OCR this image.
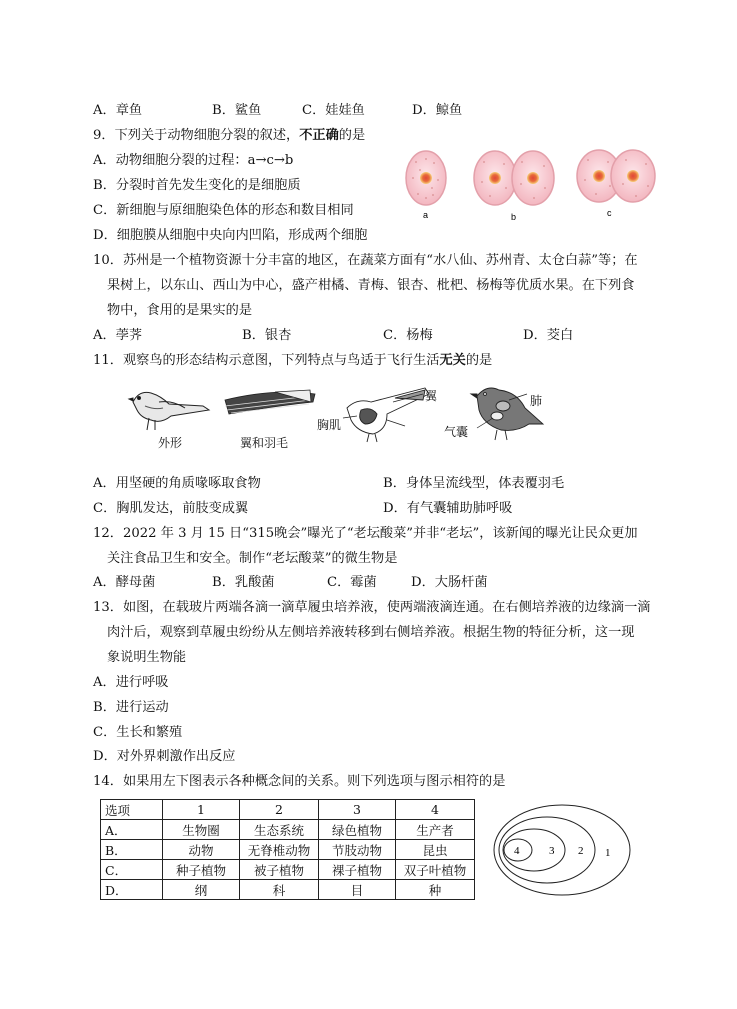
A．章鱼	B．鲨鱼	C．娃娃鱼	D．鲸鱼
9．下列关于动物细胞分裂的叙述，不正确的是
A．动物细胞分裂的过程：a→c→b
B．分裂时首先发生变化的是细胞质
C．新细胞与原细胞染色体的形态和数目相同
D．细胞膜从细胞中央向内凹陷，形成两个细胞
a	b	c
10．苏州是一个植物资源十分丰富的地区，在蔬菜方面有“水八仙、苏州青、太仓白蒜”等；在
果树上，以东山、西山为中心，盛产柑橘、青梅、银杏、枇杷、杨梅等优质水果。在下列食
物中，食用的是果实的是
A．荸荠	B．银杏	C．杨梅	D．茭白
11．观察鸟的形态结构示意图，下列特点与鸟适于飞行生活无关的是
外形	翼和羽毛
胸肌
翼	肺
气囊
A．用坚硬的角质喙啄取食物	B．身体呈流线型，体表覆羽毛
C．胸肌发达，前肢变成翼	D．有气囊辅助肺呼吸
12．2022 年 3 月 15 日“315晚会”曝光了“老坛酸菜”并非“老坛”，该新闻的曝光让民众更加
关注食品卫生和安全。制作“老坛酸菜”的微生物是
A．酵母菌	B．乳酸菌	C．霉菌	D．大肠杆菌
13．如图，在载玻片两端各滴一滴草履虫培养液，使两端液滴连通。在右侧培养液的边缘滴一滴
肉汁后，观察到草履虫纷纷从左侧培养液转移到右侧培养液。根据生物的特征分析，这一现
象说明生物能
A．进行呼吸
B．进行运动
C．生长和繁殖
D．对外界刺激作出反应
14．如果用左下图表示各种概念间的关系。则下列选项与图示相符的是
选项	1	2	3	4
A．	生物圈	生态系统	绿色植物	生产者
B．	动物	无脊椎动物	节肢动物	昆虫
C．	种子植物	被子植物	裸子植物	双子叶植物
D．	纲	科	目	种
4	3 2 1
